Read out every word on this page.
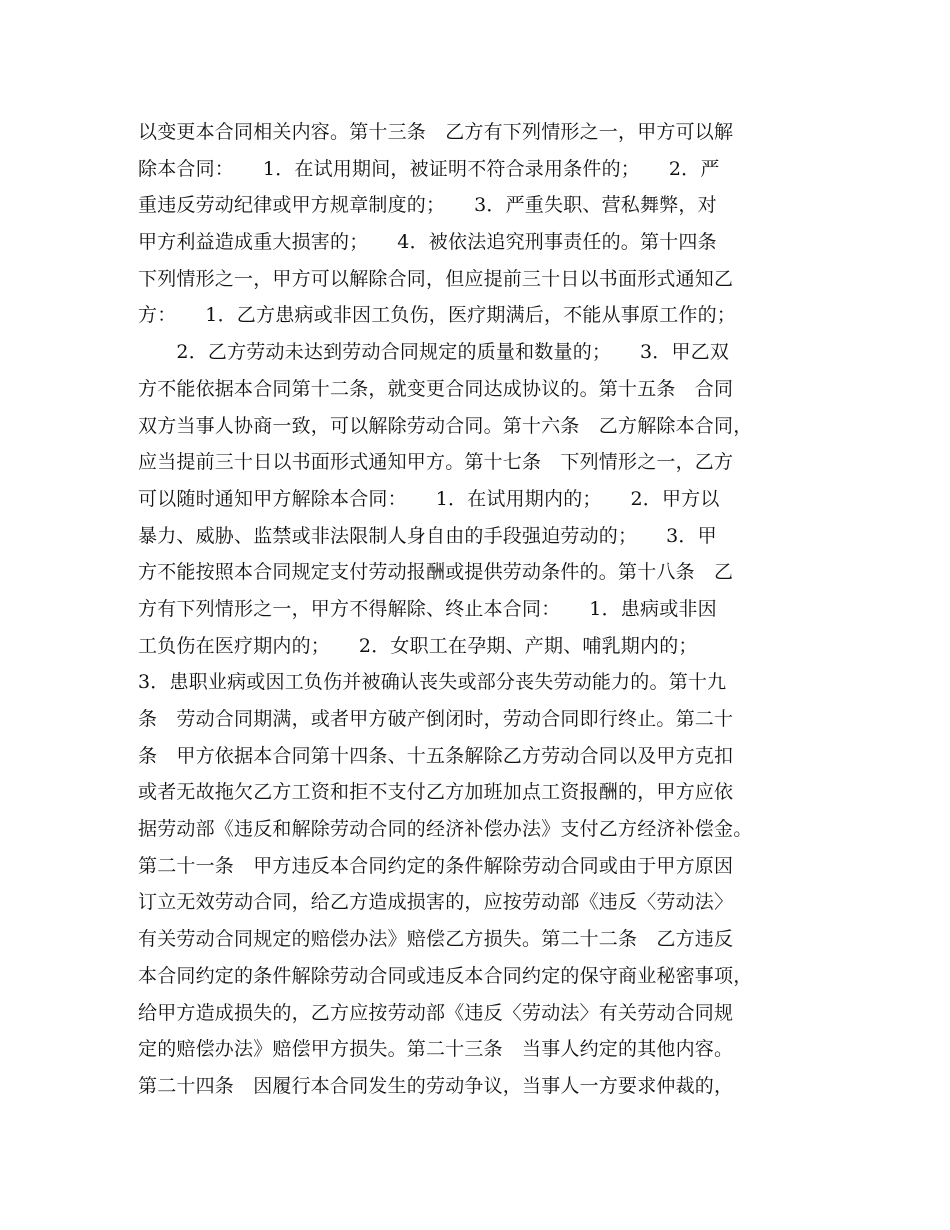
以变更本合同相关内容。第十三条　乙方有下列情形之一，甲方可以解
除本合同：　　1．在试用期间，被证明不符合录用条件的；　　2．严
重违反劳动纪律或甲方规章制度的；　　3．严重失职、营私舞弊，对
甲方利益造成重大损害的；　　4．被依法追究刑事责任的。第十四条
下列情形之一，甲方可以解除合同，但应提前三十日以书面形式通知乙
方：　　1．乙方患病或非因工负伤，医疗期满后，不能从事原工作的；
　　2．乙方劳动未达到劳动合同规定的质量和数量的；　　3．甲乙双
方不能依据本合同第十二条，就变更合同达成协议的。第十五条　合同
双方当事人协商一致，可以解除劳动合同。第十六条　乙方解除本合同，
应当提前三十日以书面形式通知甲方。第十七条　下列情形之一，乙方
可以随时通知甲方解除本合同：　　1．在试用期内的；　　2．甲方以
暴力、威胁、监禁或非法限制人身自由的手段强迫劳动的；　　3．甲
方不能按照本合同规定支付劳动报酬或提供劳动条件的。第十八条　乙
方有下列情形之一，甲方不得解除、终止本合同：　　1．患病或非因
工负伤在医疗期内的；　　2．女职工在孕期、产期、哺乳期内的；
3．患职业病或因工负伤并被确认丧失或部分丧失劳动能力的。第十九
条　劳动合同期满，或者甲方破产倒闭时，劳动合同即行终止。第二十
条　甲方依据本合同第十四条、十五条解除乙方劳动合同以及甲方克扣
或者无故拖欠乙方工资和拒不支付乙方加班加点工资报酬的，甲方应依
据劳动部《违反和解除劳动合同的经济补偿办法》支付乙方经济补偿金。
第二十一条　甲方违反本合同约定的条件解除劳动合同或由于甲方原因
订立无效劳动合同，给乙方造成损害的，应按劳动部《违反〈劳动法〉
有关劳动合同规定的赔偿办法》赔偿乙方损失。第二十二条　乙方违反
本合同约定的条件解除劳动合同或违反本合同约定的保守商业秘密事项，
给甲方造成损失的，乙方应按劳动部《违反〈劳动法〉有关劳动合同规
定的赔偿办法》赔偿甲方损失。第二十三条　当事人约定的其他内容。
第二十四条　因履行本合同发生的劳动争议，当事人一方要求仲裁的，
